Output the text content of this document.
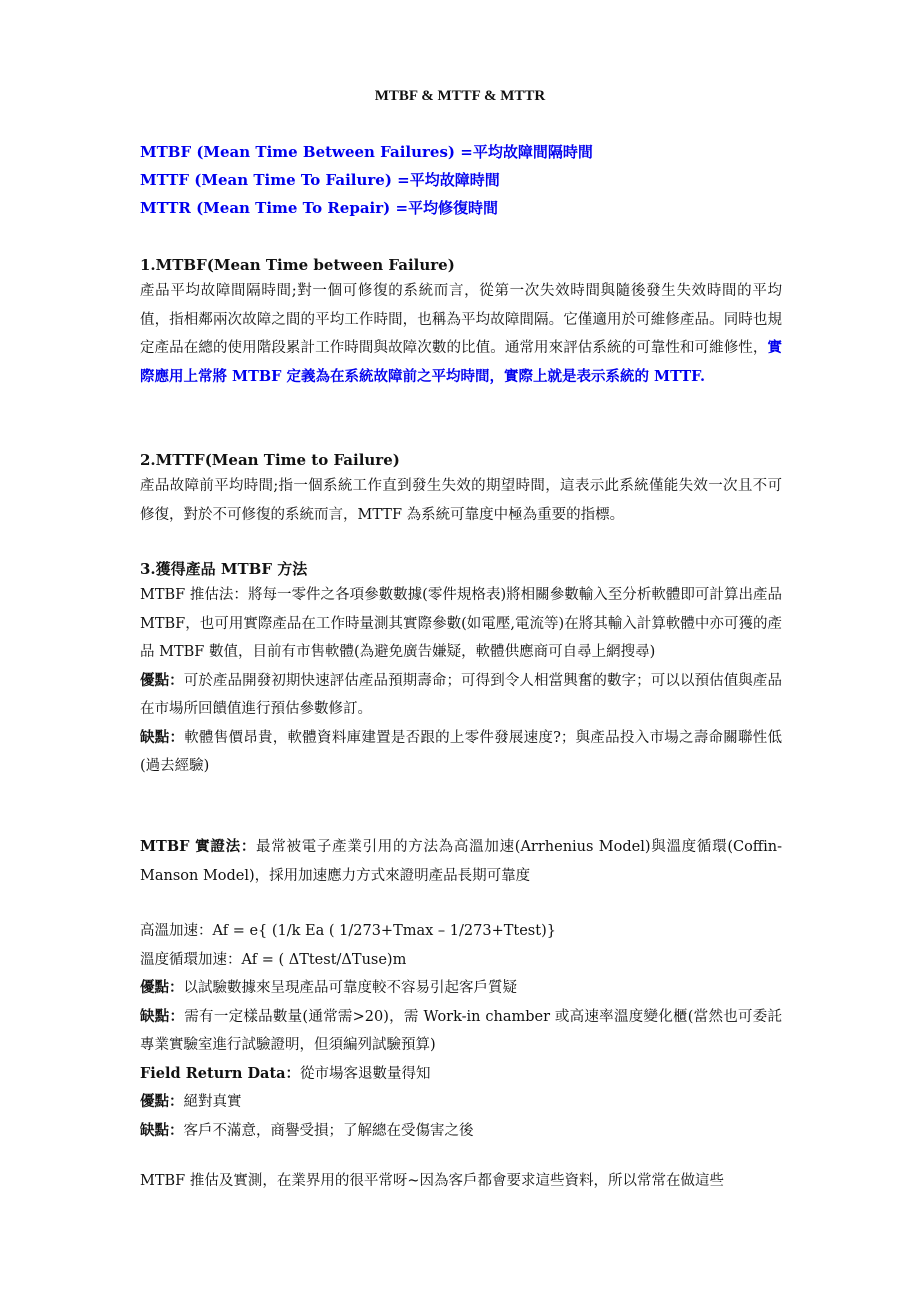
MTBF & MTTF & MTTR
MTBF (Mean Time Between Failures) =平均故障間隔時間
MTTF (Mean Time To Failure) =平均故障時間
MTTR (Mean Time To Repair) =平均修復時間
1.MTBF(Mean Time between Failure)
產品平均故障間隔時間;對一個可修復的系統而言，從第一次失效時間與隨後發生失效時間的平均值，指相鄰兩次故障之間的平均工作時間，也稱為平均故障間隔。它僅適用於可維修產品。同時也規定產品在總的使用階段累計工作時間與故障次數的比值。通常用來評估系統的可靠性和可維修性，實際應用上常將 MTBF 定義為在系統故障前之平均時間，實際上就是表示系統的 MTTF.
2.MTTF(Mean Time to Failure)
產品故障前平均時間;指一個系統工作直到發生失效的期望時間，這表示此系統僅能失效一次且不可修復，對於不可修復的系統而言，MTTF 為系統可靠度中極為重要的指標。
3.獲得產品 MTBF 方法
MTBF 推估法：將每一零件之各項參數數據(零件規格表)將相關參數輸入至分析軟體即可計算出產品 MTBF，也可用實際產品在工作時量測其實際參數(如電壓,電流等)在將其輸入計算軟體中亦可獲的產品 MTBF 數值，目前有市售軟體(為避免廣告嫌疑，軟體供應商可自尋上網搜尋)
優點：可於產品開發初期快速評估產品預期壽命；可得到令人相當興奮的數字；可以以預估值與產品在市場所回饋值進行預估參數修訂。
缺點：軟體售價昂貴，軟體資料庫建置是否跟的上零件發展速度?；與產品投入市場之壽命關聯性低(過去經驗)
MTBF 實證法：最常被電子產業引用的方法為高溫加速(Arrhenius Model)與溫度循環(Coffin-Manson Model)，採用加速應力方式來證明產品長期可靠度
高溫加速：Af = e{ (1/k Ea ( 1/273+Tmax – 1/273+Ttest)}
溫度循環加速：Af = ( ΔTtest/ΔTuse)m
優點：以試驗數據來呈現產品可靠度較不容易引起客戶質疑
缺點：需有一定樣品數量(通常需>20)，需 Work-in chamber 或高速率溫度變化櫃(當然也可委託專業實驗室進行試驗證明，但須編列試驗預算)
Field Return Data：從市場客退數量得知
優點：絕對真實
缺點：客戶不滿意，商譽受損；了解總在受傷害之後
MTBF 推估及實測，在業界用的很平常呀~因為客戶都會要求這些資料，所以常常在做這些
